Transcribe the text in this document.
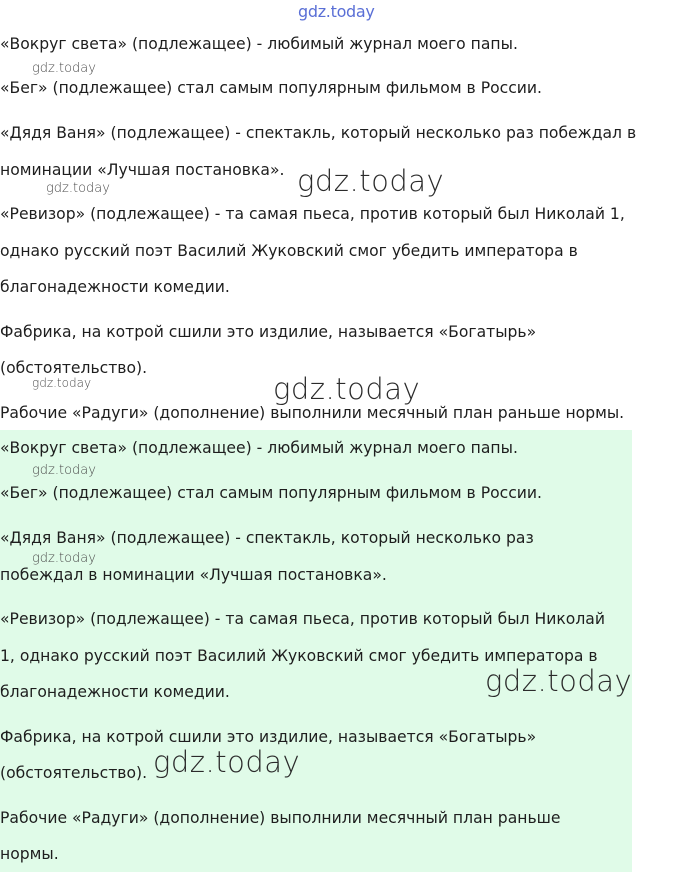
gdz.today
«Вокруг света» (подлежащее) - любимый журнал моего папы.
«Бег» (подлежащее) стал самым популярным фильмом в России.
«Дядя Ваня» (подлежащее) - спектакль, который несколько раз побеждал в
номинации «Лучшая постановка».
«Ревизор» (подлежащее) - та самая пьеса, против который был Николай 1,
однако русский поэт Василий Жуковский смог убедить императора в
благонадежности комедии.
Фабрика, на котрой сшили это издилие, называется «Богатырь»
(обстоятельство).
Рабочие «Радуги» (дополнение) выполнили месячный план раньше нормы.
«Вокруг света» (подлежащее) - любимый журнал моего папы.
«Бег» (подлежащее) стал самым популярным фильмом в России.
«Дядя Ваня» (подлежащее) - спектакль, который несколько раз
побеждал в номинации «Лучшая постановка».
«Ревизор» (подлежащее) - та самая пьеса, против который был Николай
1, однако русский поэт Василий Жуковский смог убедить императора в
благонадежности комедии.
Фабрика, на котрой сшили это издилие, называется «Богатырь»
(обстоятельство).
Рабочие «Радуги» (дополнение) выполнили месячный план раньше
нормы.
gdz.today
gdz.today	gdz.today
gdz.today	gdz.today
gdz.today
gdz.today
gdz.today
gdz.today
